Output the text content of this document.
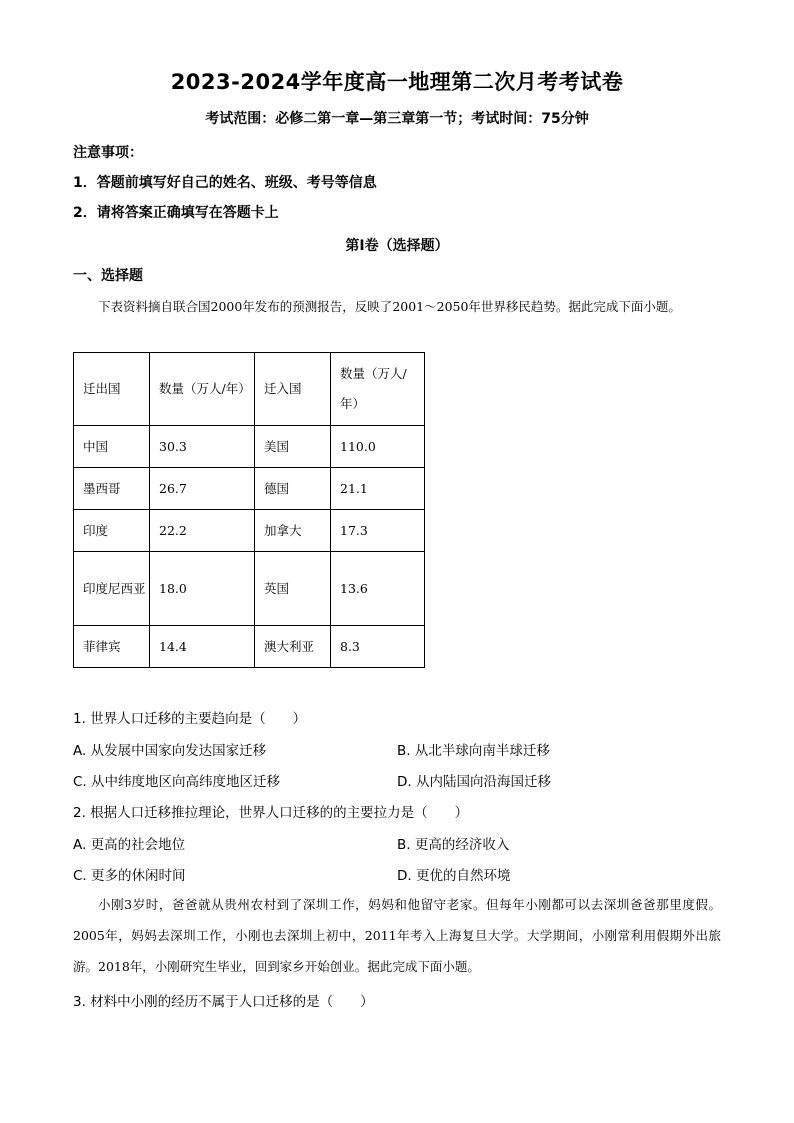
2023-2024学年度高一地理第二次月考考试卷
考试范围：必修二第一章—第三章第一节；考试时间：75分钟
注意事项：
1．答题前填写好自己的姓名、班级、考号等信息
2．请将答案正确填写在答题卡上
第Ⅰ卷（选择题）
一、选择题
下表资料摘自联合国2000年发布的预测报告，反映了2001～2050年世界移民趋势。据此完成下面小题。
迁出国	数量（万人/年）	迁入国	数量（万人/年）
中国	30.3	美国	110.0
墨西哥	26.7	德国	21.1
印度	22.2	加拿大	17.3
印度尼西亚	18.0	英国	13.6
菲律宾	14.4	澳大利亚	8.3
1. 世界人口迁移的主要趋向是（　　）
A. 从发展中国家向发达国家迁移	B. 从北半球向南半球迁移
C. 从中纬度地区向高纬度地区迁移	D. 从内陆国向沿海国迁移
2. 根据人口迁移推拉理论，世界人口迁移的的主要拉力是（　　）
A. 更高的社会地位	B. 更高的经济收入
C. 更多的休闲时间	D. 更优的自然环境
小刚3岁时，爸爸就从贵州农村到了深圳工作，妈妈和他留守老家。但每年小刚都可以去深圳爸爸那里度假。2005年，妈妈去深圳工作，小刚也去深圳上初中，2011年考入上海复旦大学。大学期间，小刚常利用假期外出旅游。2018年，小刚研究生毕业，回到家乡开始创业。据此完成下面小题。
3. 材料中小刚的经历不属于人口迁移的是（　　）
